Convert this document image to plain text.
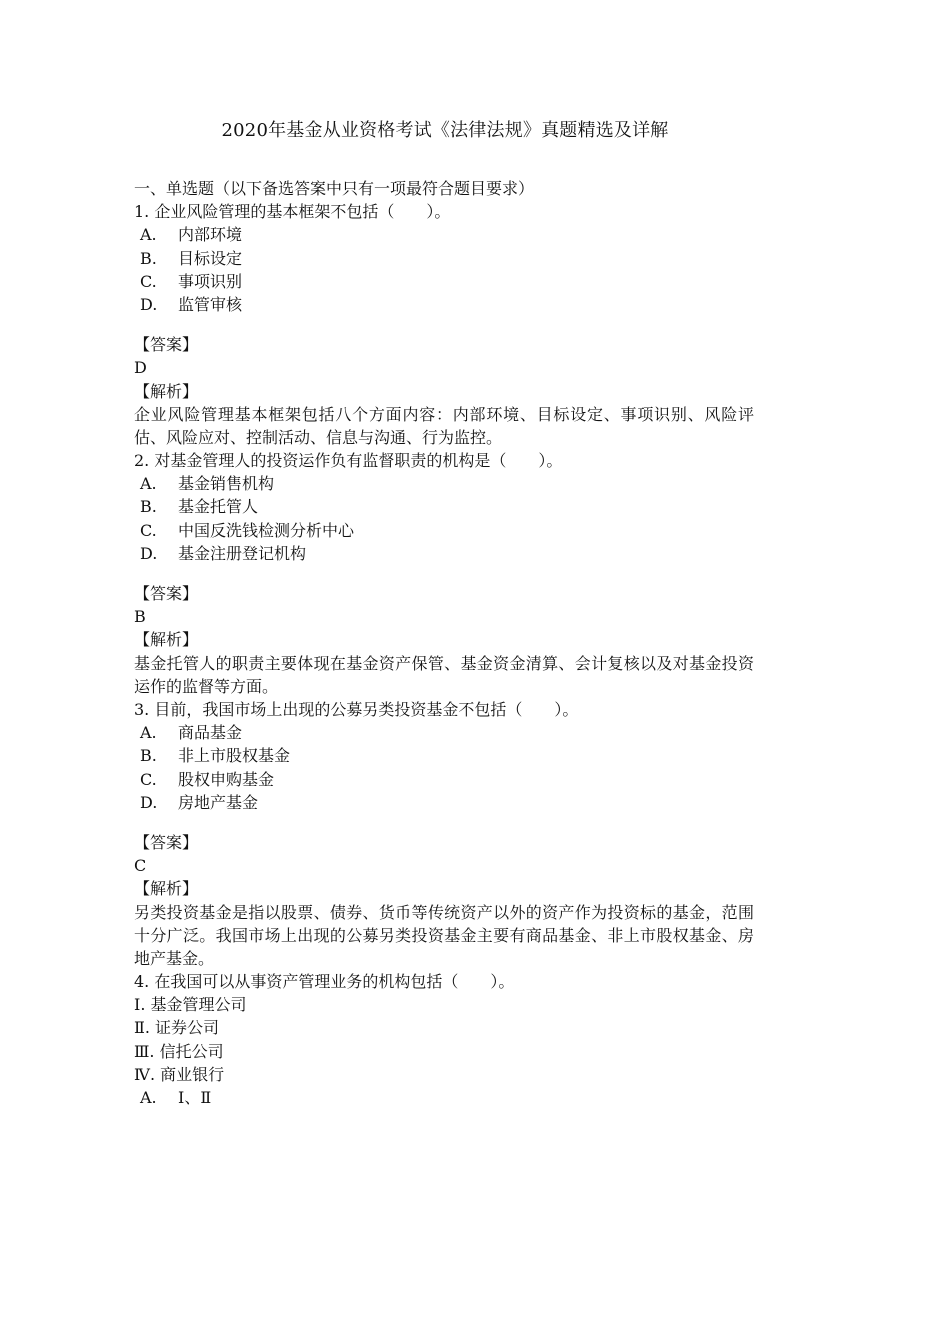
2020年基金从业资格考试《法律法规》真题精选及详解
一、单选题（以下备选答案中只有一项最符合题目要求）
1. 企业风险管理的基本框架不包括（　　）。
A. 内部环境
B. 目标设定
C. 事项识别
D. 监管审核
【答案】
D
【解析】
企业风险管理基本框架包括八个方面内容：内部环境、目标设定、事项识别、风险评估、风险应对、控制活动、信息与沟通、行为监控。
2. 对基金管理人的投资运作负有监督职责的机构是（　　）。
A. 基金销售机构
B. 基金托管人
C. 中国反洗钱检测分析中心
D. 基金注册登记机构
【答案】
B
【解析】
基金托管人的职责主要体现在基金资产保管、基金资金清算、会计复核以及对基金投资运作的监督等方面。
3. 目前，我国市场上出现的公募另类投资基金不包括（　　）。
A. 商品基金
B. 非上市股权基金
C. 股权申购基金
D. 房地产基金
【答案】
C
【解析】
另类投资基金是指以股票、债券、货币等传统资产以外的资产作为投资标的基金，范围十分广泛。我国市场上出现的公募另类投资基金主要有商品基金、非上市股权基金、房地产基金。
4. 在我国可以从事资产管理业务的机构包括（　　）。
Ⅰ. 基金管理公司
Ⅱ. 证券公司
Ⅲ. 信托公司
Ⅳ. 商业银行
A. Ⅰ、Ⅱ
